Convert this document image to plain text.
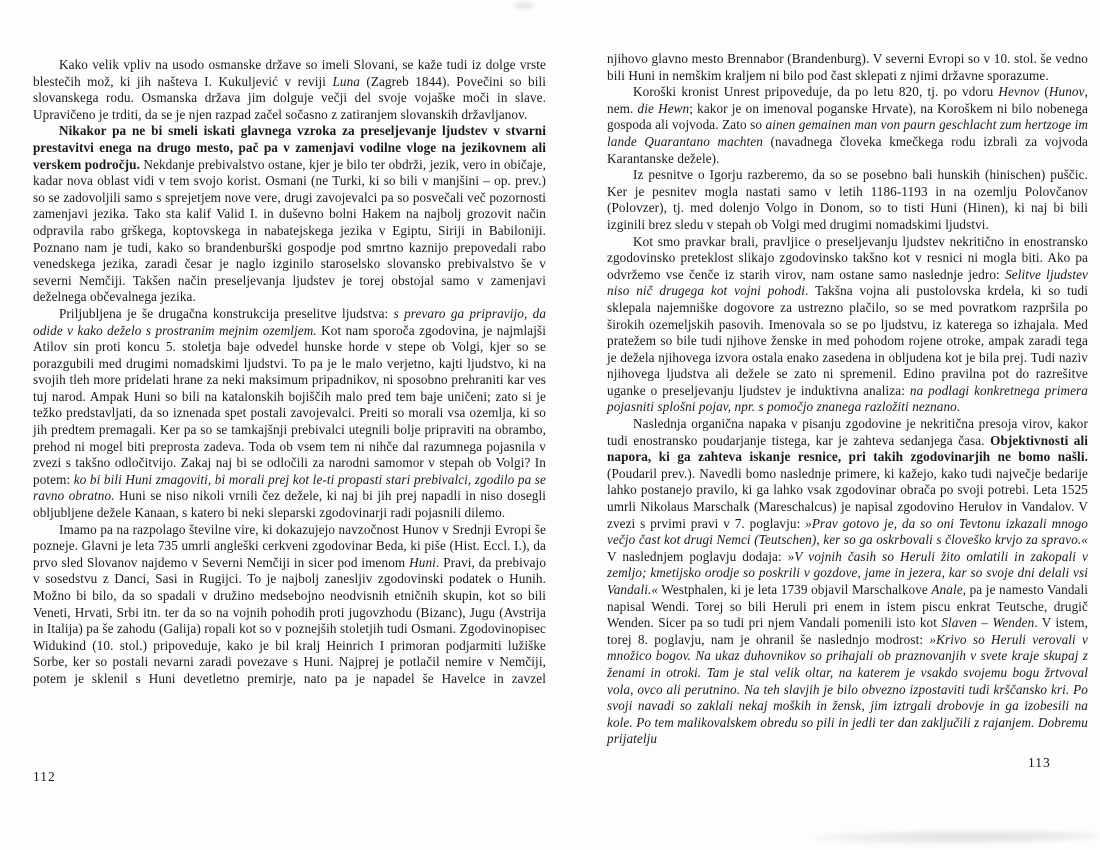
Kako velik vpliv na usodo osmanske države so imeli Slovani, se kaže tudi iz dolge vrste blestečih mož, ki jih našteva I. Kukuljević v reviji Luna (Zagreb 1844). Povečini so bili slovanskega rodu. Osmanska država jim dolguje večji del svoje vojaške moči in slave. Upravičeno je trditi, da se je njen razpad začel sočasno z zatiranjem slovanskih državljanov.

Nikakor pa ne bi smeli iskati glavnega vzroka za preseljevanje ljudstev v stvarni prestavitvi enega na drugo mesto, pač pa v zamenjavi vodilne vloge na jezikovnem ali verskem področju. Nekdanje prebivalstvo ostane, kjer je bilo ter obdrži, jezik, vero in običaje, kadar nova oblast vidi v tem svojo korist. Osmani (ne Turki, ki so bili v manjšini – op. prev.) so se zadovoljili samo s sprejetjem nove vere, drugi zavojevalci pa so posvečali več pozornosti zamenjavi jezika. Tako sta kalif Valid I. in duševno bolni Hakem na najbolj grozovit način odpravila rabo grškega, koptovskega in nabatejskega jezika v Egiptu, Siriji in Babiloniji. Poznano nam je tudi, kako so brandenburški gospodje pod smrtno kaznijo prepovedali rabo venedskega jezika, zaradi česar je naglo izginilo staroselsko slovansko prebivalstvo še v severni Nemčiji. Takšen način preseljevanja ljudstev je torej obstojal samo v zamenjavi deželnega občevalnega jezika.

Priljubljena je še drugačna konstrukcija preselitve ljudstva: s prevaro ga pripravijo, da odide v kako deželo s prostranim mejnim ozemljem. Kot nam sporoča zgodovina, je najmlajši Atilov sin proti koncu 5. stoletja baje odvedel hunske horde v stepe ob Volgi, kjer so se porazgubili med drugimi nomadskimi ljudstvi. To pa je le malo verjetno, kajti ljudstvo, ki na svojih tleh more pridelati hrane za neki maksimum pripadnikov, ni sposobno prehraniti kar ves tuj narod. Ampak Huni so bili na katalonskih bojiščih malo pred tem baje uničeni; zato si je težko predstavljati, da so iznenada spet postali zavojevalci. Preiti so morali vsa ozemlja, ki so jih predtem premagali. Ker pa so se tamkajšnji prebivalci utegnili bolje pripraviti na obrambo, prehod ni mogel biti preprosta zadeva. Toda ob vsem tem ni nihče dal razumnega pojasnila v zvezi s takšno odločitvijo. Zakaj naj bi se odločili za narodni samomor v stepah ob Volgi? In potem: ko bi bili Huni zmagoviti, bi morali prej kot le-ti propasti stari prebivalci, zgodilo pa se ravno obratno. Huni se niso nikoli vrnili čez dežele, ki naj bi jih prej napadli in niso dosegli obljubljene dežele Kanaan, s katero bi neki sleparski zgodovinarji radi pojasnili dilemo.

Imamo pa na razpolago številne vire, ki dokazujejo navzočnost Hunov v Srednji Evropi še pozneje. Glavni je leta 735 umrli angleški cerkveni zgodovinar Beda, ki piše (Hist. Eccl. I.), da prvo sled Slovanov najdemo v Severni Nemčiji in sicer pod imenom Huni. Pravi, da prebivajo v sosedstvu z Danci, Sasi in Rugijci. To je najbolj zanesljiv zgodovinski podatek o Hunih. Možno bi bilo, da so spadali v družino medsebojno neodvisnih etničnih skupin, kot so bili Veneti, Hrvati, Srbi itn. ter da so na vojnih pohodih proti jugovzhodu (Bizanc), Jugu (Avstrija in Italija) pa še zahodu (Galija) ropali kot so v poznejših stoletjih tudi Osmani. Zgodovinopisec Widukind (10. stol.) pripoveduje, kako je bil kralj Heinrich I primoran podjarmiti lužiške Sorbe, ker so postali nevarni zaradi povezave s Huni. Najprej je potlačil nemire v Nemčiji, potem je sklenil s Huni devetletno premirje, nato pa je napadel še Havelce in zavzel

njihovo glavno mesto Brennabor (Brandenburg). V severni Evropi so v 10. stol. še vedno bili Huni in nemškim kraljem ni bilo pod čast sklepati z njimi državne sporazume.

Koroški kronist Unrest pripoveduje, da po letu 820, tj. po vdoru Hevnov (Hunov, nem. die Hewn; kakor je on imenoval poganske Hrvate), na Koroškem ni bilo nobenega gospoda ali vojvoda. Zato so ainen gemainen man von paurn geschlacht zum hertzoge im lande Quarantano machten (navadnega človeka kmečkega rodu izbrali za vojvoda Karantanske dežele).

Iz pesnitve o Igorju razberemo, da so se posebno bali hunskih (hinischen) puščic. Ker je pesnitev mogla nastati samo v letih 1186-1193 in na ozemlju Polovčanov (Polovzer), tj. med dolenjo Volgo in Donom, so to tisti Huni (Hinen), ki naj bi bili izginili brez sledu v stepah ob Volgi med drugimi nomadskimi ljudstvi.

Kot smo pravkar brali, pravljice o preseljevanju ljudstev nekritično in enostransko zgodovinsko preteklost slikajo zgodovinsko takšno kot v resnici ni mogla biti. Ako pa odvržemo vse čenče iz starih virov, nam ostane samo naslednje jedro: Selitve ljudstev niso nič drugega kot vojni pohodi. Takšna vojna ali pustolovska krdela, ki so tudi sklepala najemniške dogovore za ustrezno plačilo, so se med povratkom razpršila po širokih ozemeljskih pasovih. Imenovala so se po ljudstvu, iz katerega so izhajala. Med pratežem so bile tudi njihove ženske in med pohodom rojene otroke, ampak zaradi tega je dežela njihovega izvora ostala enako zasedena in obljudena kot je bila prej. Tudi naziv njihovega ljudstva ali dežele se zato ni spremenil. Edino pravilna pot do razrešitve uganke o preseljevanju ljudstev je induktivna analiza: na podlagi konkretnega primera pojasniti splošni pojav, npr. s pomočjo znanega razložiti neznano.

Naslednja organična napaka v pisanju zgodovine je nekritična presoja virov, kakor tudi enostransko poudarjanje tistega, kar je zahteva sedanjega časa. Objektivnosti ali napora, ki ga zahteva iskanje resnice, pri takih zgodovinarjih ne bomo našli. (Poudaril prev.). Navedli bomo naslednje primere, ki kažejo, kako tudi največje bedarije lahko postanejo pravilo, ki ga lahko vsak zgodovinar obrača po svoji potrebi. Leta 1525 umrli Nikolaus Marschalk (Mareschalcus) je napisal zgodovino Herulov in Vandalov. V zvezi s prvimi pravi v 7. poglavju: »Prav gotovo je, da so oni Tevtonu izkazali mnogo večjo čast kot drugi Nemci (Teutschen), ker so ga oskrbovali s človeško krvjo za spravo.« V naslednjem poglavju dodaja: »V vojnih časih so Heruli žito omlatili in zakopali v zemljo; kmetijsko orodje so poskrili v gozdove, jame in jezera, kar so svoje dni delali vsi Vandali.« Westphalen, ki je leta 1739 objavil Marschalkove Anale, pa je namesto Vandali napisal Wendi. Torej so bili Heruli pri enem in istem piscu enkrat Teutsche, drugič Wenden. Sicer pa so tudi pri njem Vandali pomenili isto kot Slaven – Wenden. V istem, torej 8. poglavju, nam je ohranil še naslednjo modrost: »Krivo so Heruli verovali v množico bogov. Na ukaz duhovnikov so prihajali ob praznovanjih v svete kraje skupaj z ženami in otroki. Tam je stal velik oltar, na katerem je vsakdo svojemu bogu žrtvoval vola, ovco ali perutnino. Na teh slavjih je bilo obvezno izpostaviti tudi krščansko kri. Po svoji navadi so zaklali nekaj moških in žensk, jim iztrgali drobovje in ga izobesili na kole. Po tem malikovalskem obredu so pili in jedli ter dan zaključili z rajanjem. Dobremu prijatelju

112
113
